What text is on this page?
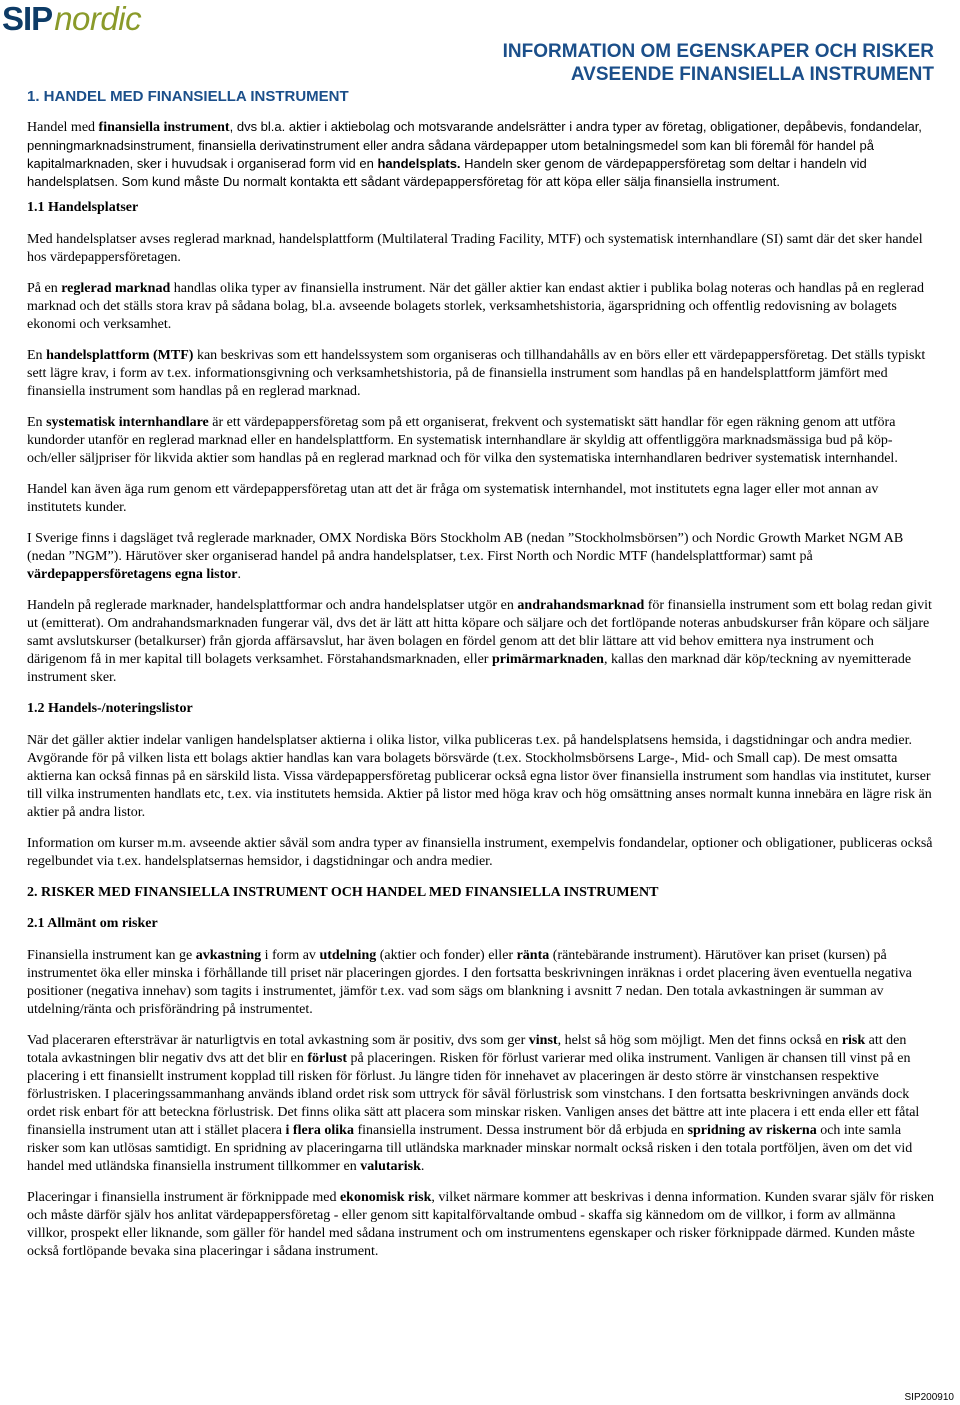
SIPnordic
INFORMATION OM EGENSKAPER OCH RISKER
AVSEENDE FINANSIELLA INSTRUMENT
1. HANDEL MED FINANSIELLA INSTRUMENT

Handel med finansiella instrument, dvs bl.a. aktier i aktiebolag och motsvarande andelsrätter i andra typer av företag, obligationer, depåbevis, fondandelar, penningmarknadsinstrument, finansiella derivatinstrument eller andra sådana värdepapper utom betalningsmedel som kan bli föremål för handel på kapitalmarknaden, sker i huvudsak i organiserad form vid en handelsplats. Handeln sker genom de värdepappersföretag som deltar i handeln vid handelsplatsen. Som kund måste Du normalt kontakta ett sådant värdepappersföretag för att köpa eller sälja finansiella instrument.

1.1 Handelsplatser

Med handelsplatser avses reglerad marknad, handelsplattform (Multilateral Trading Facility, MTF) och systematisk internhandlare (SI) samt där det sker handel hos värdepappersföretagen.

På en reglerad marknad handlas olika typer av finansiella instrument. När det gäller aktier kan endast aktier i publika bolag noteras och handlas på en reglerad marknad och det ställs stora krav på sådana bolag, bl.a. avseende bolagets storlek, verksamhetshistoria, ägarspridning och offentlig redovisning av bolagets ekonomi och verksamhet.

En handelsplattform (MTF) kan beskrivas som ett handelssystem som organiseras och tillhandahålls av en börs eller ett värdepappersföretag. Det ställs typiskt sett lägre krav, i form av t.ex. informationsgivning och verksamhetshistoria, på de finansiella instrument som handlas på en handelsplattform jämfört med finansiella instrument som handlas på en reglerad marknad.

En systematisk internhandlare är ett värdepappersföretag som på ett organiserat, frekvent och systematiskt sätt handlar för egen räkning genom att utföra kundorder utanför en reglerad marknad eller en handelsplattform. En systematisk internhandlare är skyldig att offentliggöra marknadsmässiga bud på köp- och/eller säljpriser för likvida aktier som handlas på en reglerad marknad och för vilka den systematiska internhandlaren bedriver systematisk internhandel.

Handel kan även äga rum genom ett värdepappersföretag utan att det är fråga om systematisk internhandel, mot institutets egna lager eller mot annan av institutets kunder.

I Sverige finns i dagsläget två reglerade marknader, OMX Nordiska Börs Stockholm AB (nedan ”Stockholmsbörsen”) och Nordic Growth Market NGM AB (nedan ”NGM”). Härutöver sker organiserad handel på andra handelsplatser, t.ex. First North och Nordic MTF (handelsplattformar) samt på värdepappersföretagens egna listor.

Handeln på reglerade marknader, handelsplattformar och andra handelsplatser utgör en andrahandsmarknad för finansiella instrument som ett bolag redan givit ut (emitterat). Om andrahandsmarknaden fungerar väl, dvs det är lätt att hitta köpare och säljare och det fortlöpande noteras anbudskurser från köpare och säljare samt avslutskurser (betalkurser) från gjorda affärsavslut, har även bolagen en fördel genom att det blir lättare att vid behov emittera nya instrument och därigenom få in mer kapital till bolagets verksamhet. Förstahandsmarknaden, eller primärmarknaden, kallas den marknad där köp/teckning av nyemitterade instrument sker.

1.2 Handels-/noteringslistor

När det gäller aktier indelar vanligen handelsplatser aktierna i olika listor, vilka publiceras t.ex. på handelsplatsens hemsida, i dagstidningar och andra medier. Avgörande för på vilken lista ett bolags aktier handlas kan vara bolagets börsvärde (t.ex. Stockholmsbörsens Large-, Mid- och Small cap). De mest omsatta aktierna kan också finnas på en särskild lista. Vissa värdepappersföretag publicerar också egna listor över finansiella instrument som handlas via institutet, kurser till vilka instrumenten handlats etc, t.ex. via institutets hemsida. Aktier på listor med höga krav och hög omsättning anses normalt kunna innebära en lägre risk än aktier på andra listor.

Information om kurser m.m. avseende aktier såväl som andra typer av finansiella instrument, exempelvis fondandelar, optioner och obligationer, publiceras också regelbundet via t.ex. handelsplatsernas hemsidor, i dagstidningar och andra medier.

2. RISKER MED FINANSIELLA INSTRUMENT OCH HANDEL MED FINANSIELLA INSTRUMENT
2.1 Allmänt om risker

Finansiella instrument kan ge avkastning i form av utdelning (aktier och fonder) eller ränta (räntebärande instrument). Härutöver kan priset (kursen) på instrumentet öka eller minska i förhållande till priset när placeringen gjordes. I den fortsatta beskrivningen inräknas i ordet placering även eventuella negativa positioner (negativa innehav) som tagits i instrumentet, jämför t.ex. vad som sägs om blankning i avsnitt 7 nedan. Den totala avkastningen är summan av utdelning/ränta och prisförändring på instrumentet.

Vad placeraren eftersträvar är naturligtvis en total avkastning som är positiv, dvs som ger vinst, helst så hög som möjligt. Men det finns också en risk att den totala avkastningen blir negativ dvs att det blir en förlust på placeringen. Risken för förlust varierar med olika instrument. Vanligen är chansen till vinst på en placering i ett finansiellt instrument kopplad till risken för förlust. Ju längre tiden för innehavet av placeringen är desto större är vinstchansen respektive förlustrisken. I placeringssammanhang används ibland ordet risk som uttryck för såväl förlustrisk som vinstchans. I den fortsatta beskrivningen används dock ordet risk enbart för att beteckna förlustrisk. Det finns olika sätt att placera som minskar risken. Vanligen anses det bättre att inte placera i ett enda eller ett fåtal finansiella instrument utan att i stället placera i flera olika finansiella instrument. Dessa instrument bör då erbjuda en spridning av riskerna och inte samla risker som kan utlösas samtidigt. En spridning av placeringarna till utländska marknader minskar normalt också risken i den totala portföljen, även om det vid handel med utländska finansiella instrument tillkommer en valutarisk.

Placeringar i finansiella instrument är förknippade med ekonomisk risk, vilket närmare kommer att beskrivas i denna information. Kunden svarar själv för risken och måste därför själv hos anlitat värdepappersföretag - eller genom sitt kapitalförvaltande ombud - skaffa sig kännedom om de villkor, i form av allmänna villkor, prospekt eller liknande, som gäller för handel med sådana instrument och om instrumentens egenskaper och risker förknippade därmed. Kunden måste också fortlöpande bevaka sina placeringar i sådana instrument.

SIP200910
